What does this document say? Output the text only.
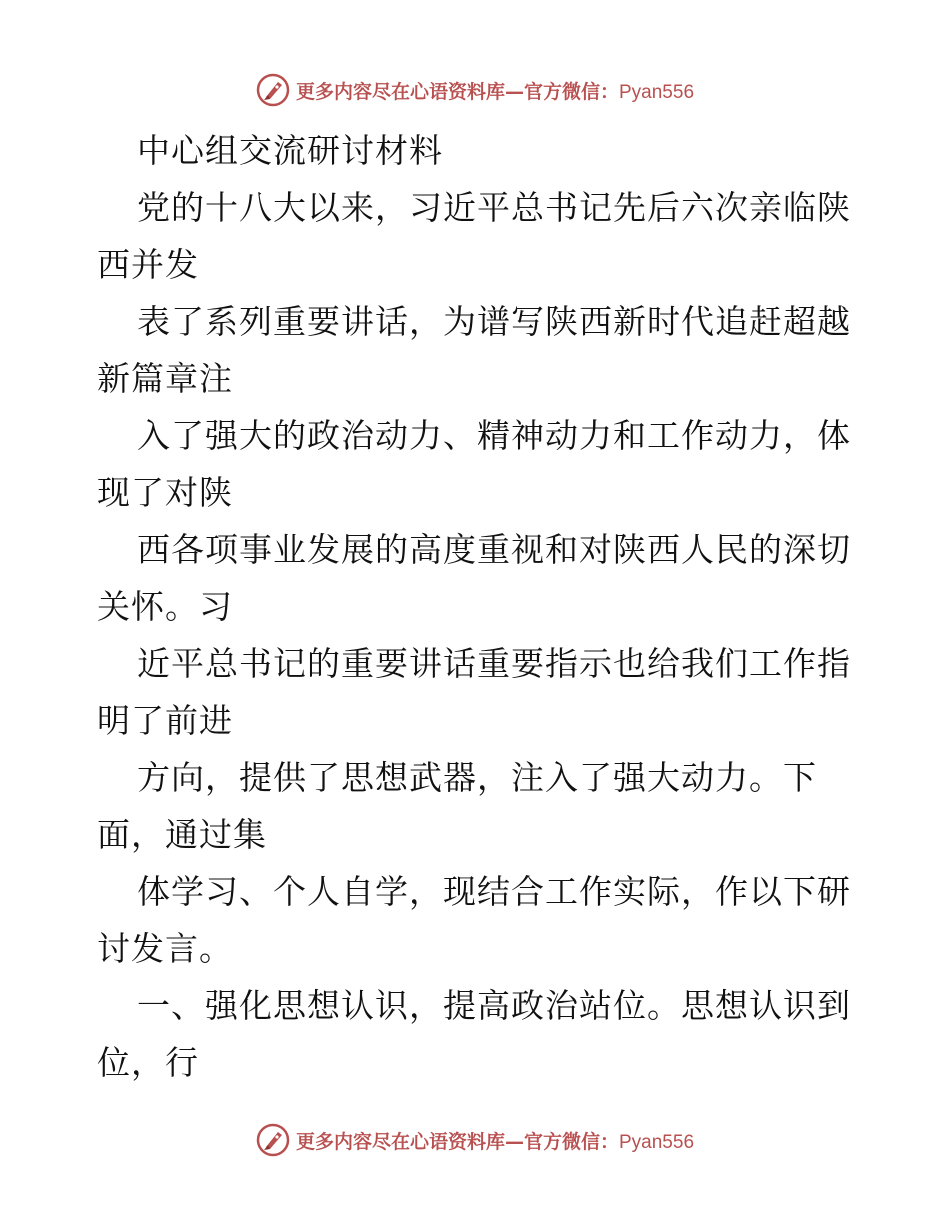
更多内容尽在心语资料库—官方微信：Pyan556
中心组交流研讨材料
党的十八大以来，习近平总书记先后六次亲临陕
西并发
表了系列重要讲话，为谱写陕西新时代追赶超越
新篇章注
入了强大的政治动力、精神动力和工作动力，体
现了对陕
西各项事业发展的高度重视和对陕西人民的深切
关怀。习
近平总书记的重要讲话重要指示也给我们工作指
明了前进
方向，提供了思想武器，注入了强大动力。下
面，通过集
体学习、个人自学，现结合工作实际，作以下研
讨发言。
一、强化思想认识，提高政治站位。思想认识到
位，行
更多内容尽在心语资料库—官方微信：Pyan556
